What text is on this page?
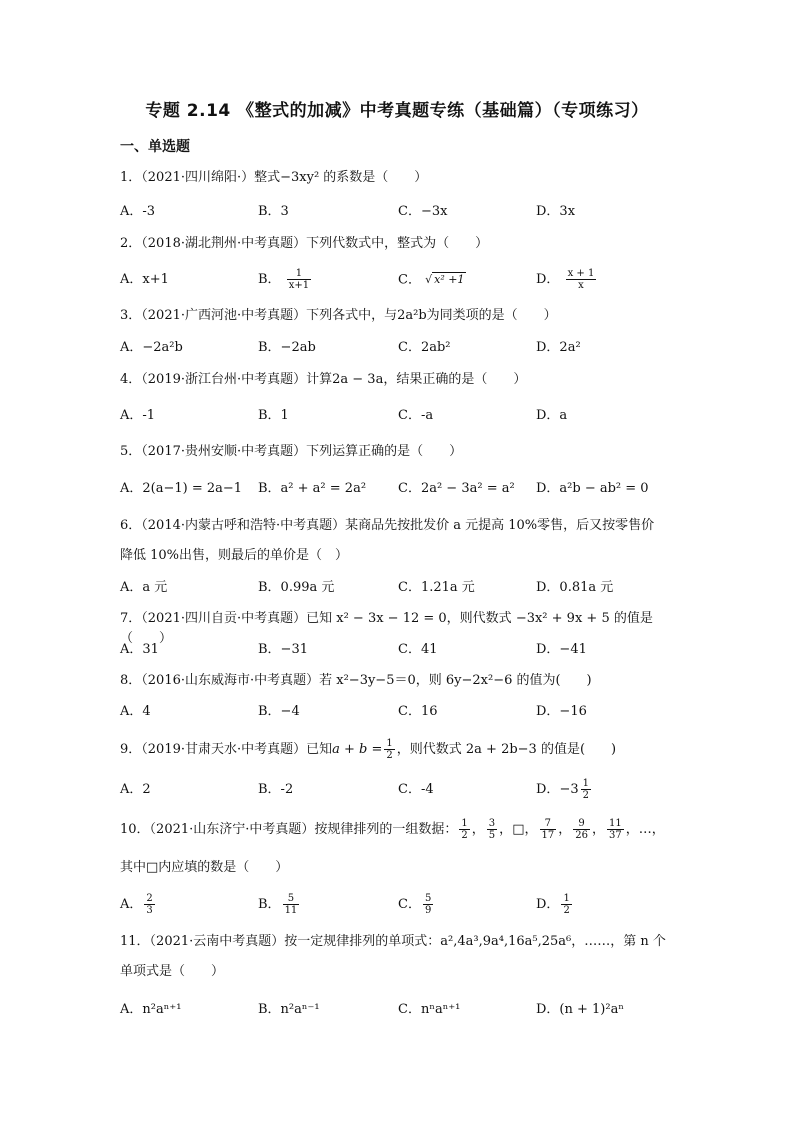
专题 2.14 《整式的加减》中考真题专练（基础篇）（专项练习）
一、单选题
1．（2021·四川绵阳·）整式−3xy² 的系数是（　　）
A．-3	B．3	C．−3x	D．3x
2．（2018·湖北荆州·中考真题）下列代数式中，整式为（　　）
A．x+1	B． $\frac{1}{x+1}$	C． √ x² +1	D． $\frac{x + 1}{x}$
3．（2021·广西河池·中考真题）下列各式中，与2a²b为同类项的是（　　）
A．−2a²b	B．−2ab	C．2ab²	D．2a²
4．（2019·浙江台州·中考真题）计算2a − 3a，结果正确的是（　　）
A．-1	B．1	C．-a	D．a
5．（2017·贵州安顺·中考真题）下列运算正确的是（　　）
A．2(a−1) = 2a−1 B．a² + a² = 2a² C．2a² − 3a² = a² D．a²b − ab² = 0
6．（2014·内蒙古呼和浩特·中考真题）某商品先按批发价 a 元提高 10%零售，后又按零售价
降低 10%出售，则最后的单价是（　）
A．a 元	B．0.99a 元	C．1.21a 元	D．0.81a 元
7．（2021·四川自贡·中考真题）已知 x² − 3x − 12 = 0，则代数式 −3x² + 9x + 5 的值是（　　）
A．31	B．−31	C．41	D．−41
8．（2016·山东威海市·中考真题）若 x²−3y−5＝0，则 6y−2x²−6 的值为(　　)
A．4	B．−4	C．16	D．−16
9．（2019·甘肃天水·中考真题）已知$a + b = \frac{1}{2}$ ，则代数式 2a + 2b−3 的值是(　　)
A．2	B．-2	C．-4	D．$-3 \frac{1}{2}$
10．（2021·山东济宁·中考真题）按规律排列的一组数据： $\frac{1}{2}$ ， $\frac{3}{5}$ ，□， $\frac{7}{17}$ ， $\frac{9}{26}$ ， $\frac{11}{37}$ ，…，
其中□内应填的数是（　　）
A． $\frac{2}{3}$	B． $\frac{5}{11}$	C． $\frac{5}{9}$	D． $\frac{1}{2}$
11．（2021·云南中考真题）按一定规律排列的单项式：a²,4a³,9a⁴,16a⁵,25a⁶，……，第 n 个
单项式是（　　）
A．n²aⁿ⁺¹	B．n²aⁿ⁻¹	C．nⁿaⁿ⁺¹	D．(n + 1)²aⁿ
